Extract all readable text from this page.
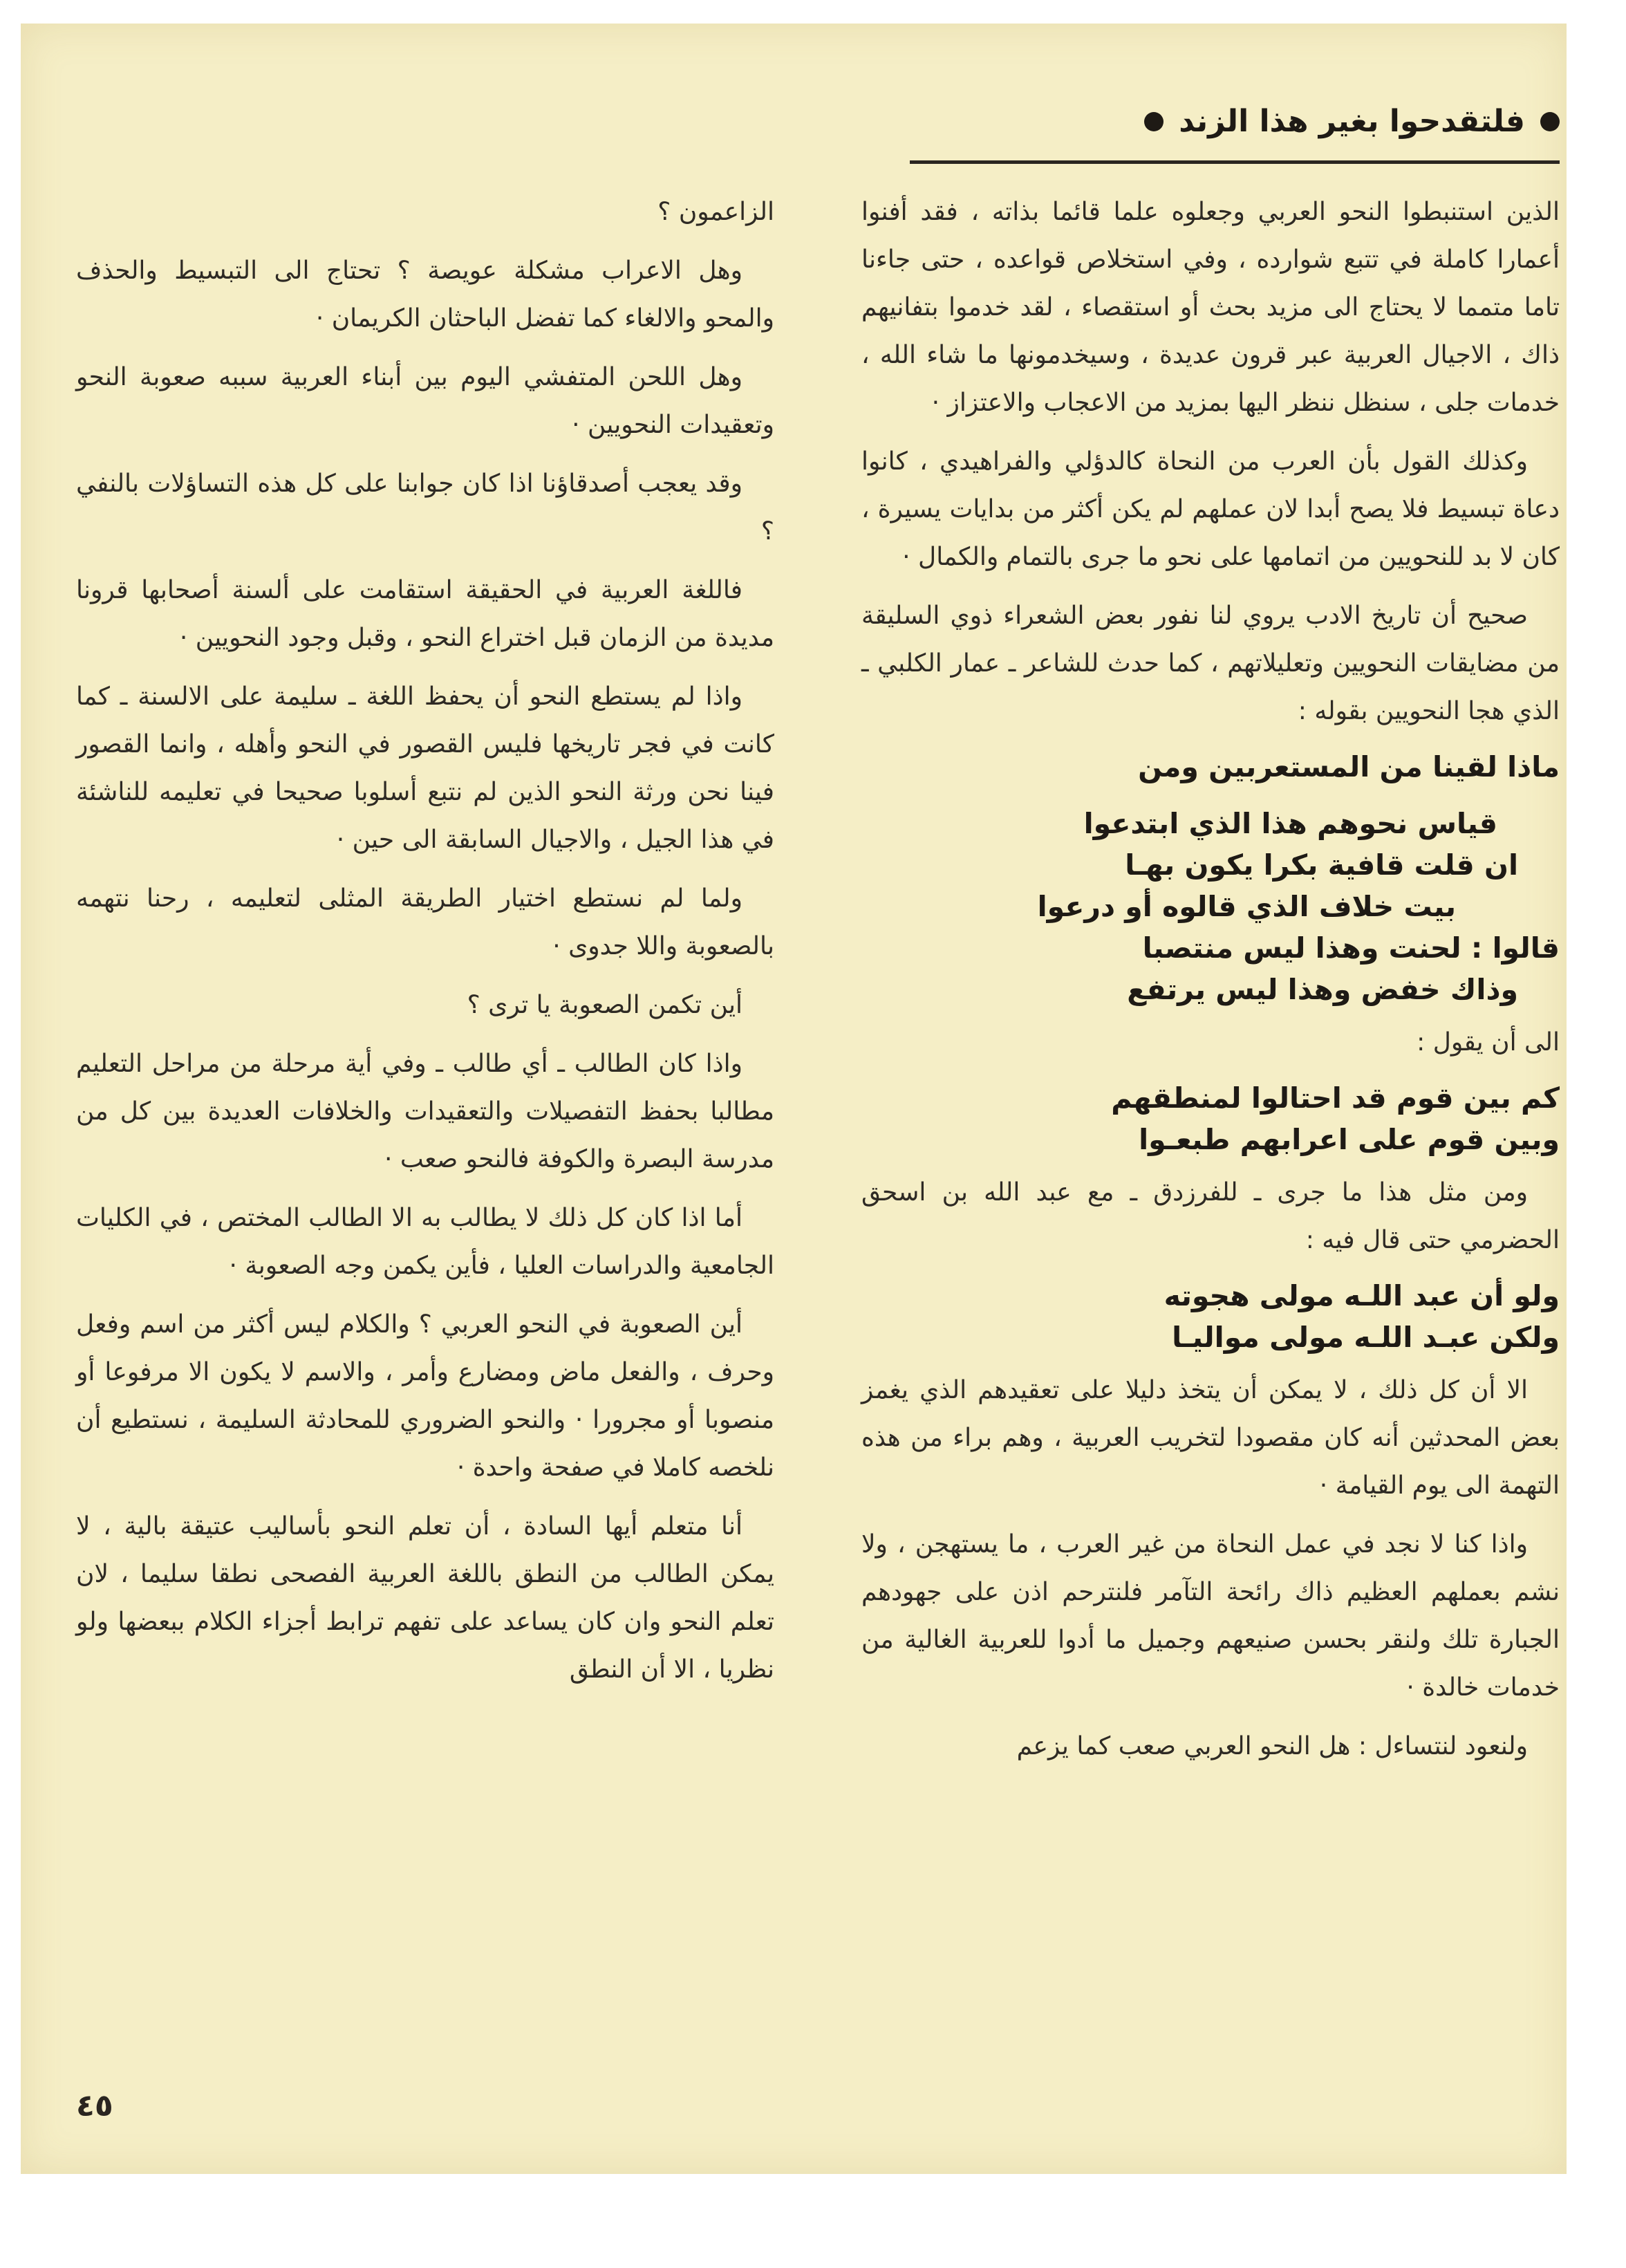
فلتقدحوا بغير هذا الزند

الذين استنبطوا النحو العربي وجعلوه علما قائما بذاته ، فقد أفنوا أعمارا كاملة في تتبع شوارده ، وفي استخلاص قواعده ، حتى جاءنا تاما متمما لا يحتاج الى مزيد بحث أو استقصاء ، لقد خدموا بتفانيهم ذاك ، الاجيال العربية عبر قرون عديدة ، وسيخدمونها ما شاء الله ، خدمات جلى ، سنظل ننظر اليها بمزيد من الاعجاب والاعتزاز ·

وكذلك القول بأن العرب من النحاة كالدؤلي والفراهيدي ، كانوا دعاة تبسيط فلا يصح أبدا لان عملهم لم يكن أكثر من بدايات يسيرة ، كان لا بد للنحويين من اتمامها على نحو ما جرى بالتمام والكمال ·

صحيح أن تاريخ الادب يروي لنا نفور بعض الشعراء ذوي السليقة من مضايقات النحويين وتعليلاتهم ، كما حدث للشاعر ـ عمار الكلبي ـ الذي هجا النحويين بقوله :

ماذا لقينا من المستعربين ومن
قياس نحوهم هذا الذي ابتدعوا
ان قلت قافية بكرا يكون بهـا
بيت خلاف الذي قالوه أو درعوا
قالوا : لحنت وهذا ليس منتصبا
وذاك خفض وهذا ليس يرتفع

الى أن يقول :

كم بين قوم قد احتالوا لمنطقهم
وبين قوم على اعرابهم طبعـوا

ومن مثل هذا ما جرى ـ للفرزدق ـ مع عبد الله بن اسحق الحضرمي حتى قال فيه :

ولو أن عبد اللـه مولى هجوته
ولكن عبـد اللـه مولى مواليـا

الا أن كل ذلك ، لا يمكن أن يتخذ دليلا على تعقيدهم الذي يغمز بعض المحدثين أنه كان مقصودا لتخريب العربية ، وهم براء من هذه التهمة الى يوم القيامة ·

واذا كنا لا نجد في عمل النحاة من غير العرب ، ما يستهجن ، ولا نشم بعملهم العظيم ذاك رائحة التآمر فلنترحم اذن على جهودهم الجبارة تلك ولنقر بحسن صنيعهم وجميل ما أدوا للعربية الغالية من خدمات خالدة ·

ولنعود لنتساءل : هل النحو العربي صعب كما يزعم

الزاعمون ؟

وهل الاعراب مشكلة عويصة ؟ تحتاج الى التبسيط والحذف والمحو والالغاء كما تفضل الباحثان الكريمان ·

وهل اللحن المتفشي اليوم بين أبناء العربية سببه صعوبة النحو وتعقيدات النحويين ·

وقد يعجب أصدقاؤنا اذا كان جوابنا على كل هذه التساؤلات بالنفي ؟

فاللغة العربية في الحقيقة استقامت على ألسنة أصحابها قرونا مديدة من الزمان قبل اختراع النحو ، وقبل وجود النحويين ·

واذا لم يستطع النحو أن يحفظ اللغة ـ سليمة على الالسنة ـ كما كانت في فجر تاريخها فليس القصور في النحو وأهله ، وانما القصور فينا نحن ورثة النحو الذين لم نتبع أسلوبا صحيحا في تعليمه للناشئة في هذا الجيل ، والاجيال السابقة الى حين ·

ولما لم نستطع اختيار الطريقة المثلى لتعليمه ، رحنا نتهمه بالصعوبة واللا جدوى ·

أين تكمن الصعوبة يا ترى ؟

واذا كان الطالب ـ أي طالب ـ وفي أية مرحلة من مراحل التعليم مطالبا بحفظ التفصيلات والتعقيدات والخلافات العديدة بين كل من مدرسة البصرة والكوفة فالنحو صعب ·

أما اذا كان كل ذلك لا يطالب به الا الطالب المختص ، في الكليات الجامعية والدراسات العليا ، فأين يكمن وجه الصعوبة ·

أين الصعوبة في النحو العربي ؟ والكلام ليس أكثر من اسم وفعل وحرف ، والفعل ماض ومضارع وأمر ، والاسم لا يكون الا مرفوعا أو منصوبا أو مجرورا · والنحو الضروري للمحادثة السليمة ، نستطيع أن نلخصه كاملا في صفحة واحدة ·

أنا متعلم أيها السادة ، أن تعلم النحو بأساليب عتيقة بالية ، لا يمكن الطالب من النطق باللغة العربية الفصحى نطقا سليما ، لان تعلم النحو وان كان يساعد على تفهم ترابط أجزاء الكلام ببعضها ولو نظريا ، الا أن النطق

٤٥
